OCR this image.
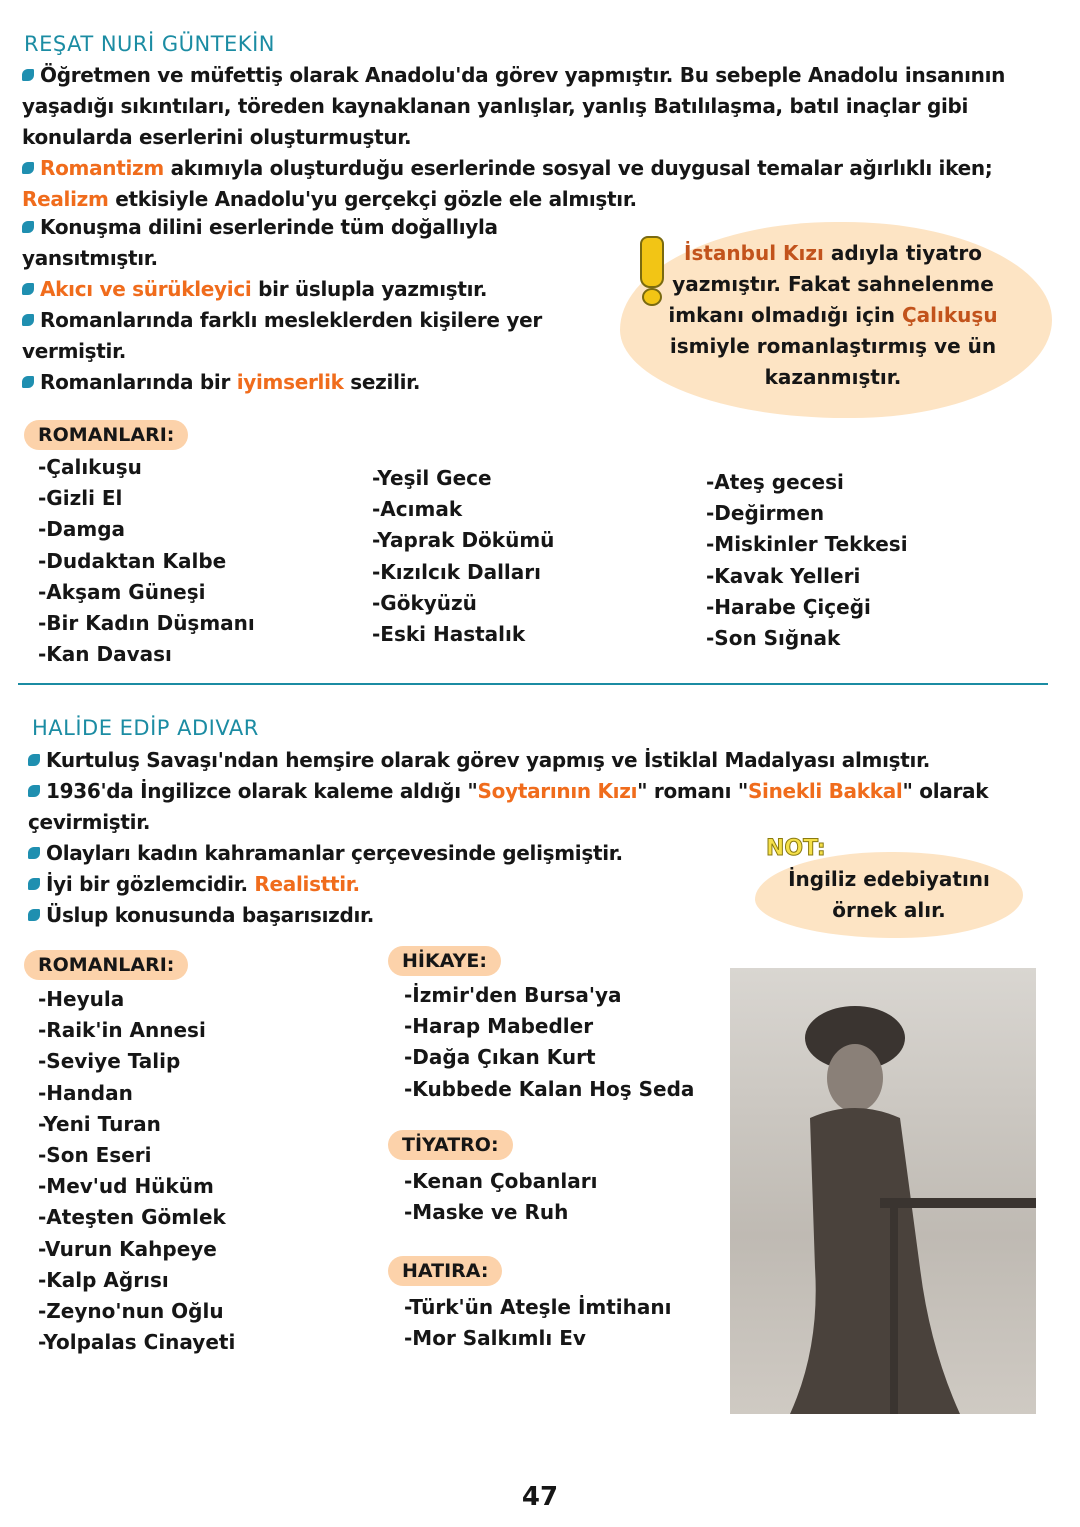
REŞAT NURİ GÜNTEKİN
Öğretmen ve müfettiş olarak Anadolu'da görev yapmıştır. Bu sebeple Anadolu insanının yaşadığı sıkıntıları, töreden kaynaklanan yanlışlar, yanlış Batılılaşma, batıl inaçlar gibi konularda eserlerini oluşturmuştur.
Romantizm akımıyla oluşturduğu eserlerinde sosyal ve duygusal temalar ağırlıklı iken; Realizm etkisiyle Anadolu'yu gerçekçi gözle ele almıştır.
Konuşma dilini eserlerinde tüm doğallıyla yansıtmıştır.
Akıcı ve sürükleyici bir üslupla yazmıştır.
Romanlarında farklı mesleklerden kişilere yer vermiştir.
Romanlarında bir iyimserlik sezilir.
İstanbul Kızı adıyla tiyatro yazmıştır. Fakat sahnelenme imkanı olmadığı için Çalıkuşu ismiyle romanlaştırmış ve ün kazanmıştır.
ROMANLARI:
-Çalıkuşu
-Gizli El
-Damga
-Dudaktan Kalbe
-Akşam Güneşi
-Bir Kadın Düşmanı
-Kan Davası
-Yeşil Gece
-Acımak
-Yaprak Dökümü
-Kızılcık Dalları
-Gökyüzü
-Eski Hastalık
-Ateş gecesi
-Değirmen
-Miskinler Tekkesi
-Kavak Yelleri
-Harabe Çiçeği
-Son Sığnak
HALİDE EDİP ADIVAR
Kurtuluş Savaşı'ndan hemşire olarak görev yapmış ve İstiklal Madalyası almıştır.
1936'da İngilizce olarak kaleme aldığı "Soytarının Kızı" romanı "Sinekli Bakkal" olarak çevirmiştir.
Olayları kadın kahramanlar çerçevesinde gelişmiştir.
İyi bir gözlemcidir. Realisttir.
Üslup konusunda başarısızdır.
İngiliz edebiyatını örnek alır.
NOT:
ROMANLARI:
-Heyula
-Raik'in Annesi
-Seviye Talip
-Handan
-Yeni Turan
-Son Eseri
-Mev'ud Hüküm
-Ateşten Gömlek
-Vurun Kahpeye
-Kalp Ağrısı
-Zeyno'nun Oğlu
-Yolpalas Cinayeti
HİKAYE:
-İzmir'den Bursa'ya
-Harap Mabedler
-Dağa Çıkan Kurt
-Kubbede Kalan Hoş Seda
TİYATRO:
-Kenan Çobanları
-Maske ve Ruh
HATIRA:
-Türk'ün Ateşle İmtihanı
-Mor Salkımlı Ev
47
